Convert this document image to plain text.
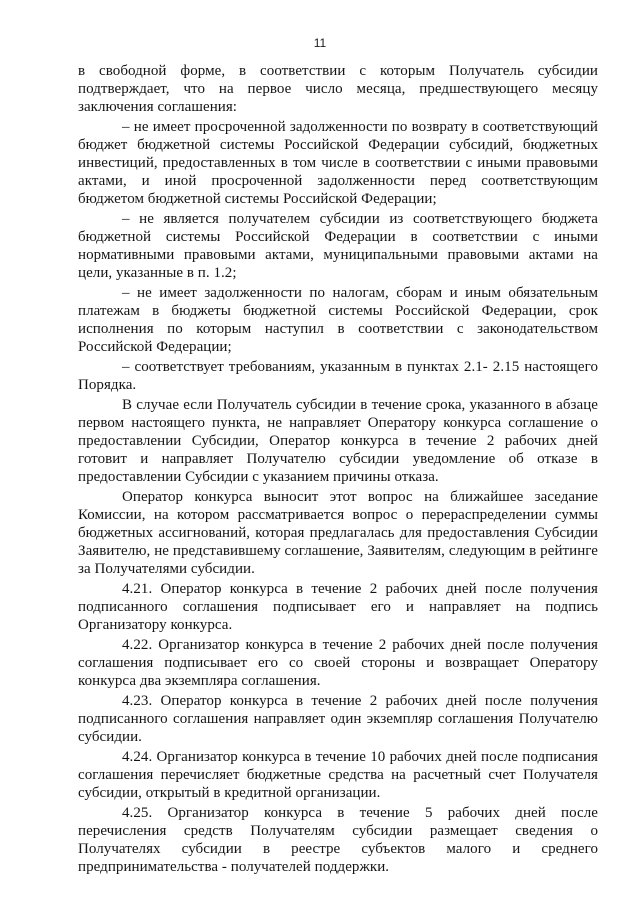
11

в свободной форме, в соответствии с которым Получатель субсидии подтверждает, что на первое число месяца, предшествующего месяцу заключения соглашения:

– не имеет просроченной задолженности по возврату в соответствующий бюджет бюджетной системы Российской Федерации субсидий, бюджетных инвестиций, предоставленных в том числе в соответствии с иными правовыми актами, и иной просроченной задолженности перед соответствующим бюджетом бюджетной системы Российской Федерации;

– не является получателем субсидии из соответствующего бюджета бюджетной системы Российской Федерации в соответствии с иными нормативными правовыми актами, муниципальными правовыми актами на цели, указанные в п. 1.2;

– не имеет задолженности по налогам, сборам и иным обязательным платежам в бюджеты бюджетной системы Российской Федерации, срок исполнения по которым наступил в соответствии с законодательством Российской Федерации;

– соответствует требованиям, указанным в пунктах 2.1- 2.15 настоящего Порядка.

В случае если Получатель субсидии в течение срока, указанного в абзаце первом настоящего пункта, не направляет Оператору конкурса соглашение о предоставлении Субсидии, Оператор конкурса в течение 2 рабочих дней готовит и направляет Получателю субсидии уведомление об отказе в предоставлении Субсидии с указанием причины отказа.

Оператор конкурса выносит этот вопрос на ближайшее заседание Комиссии, на котором рассматривается вопрос о перераспределении суммы бюджетных ассигнований, которая предлагалась для предоставления Субсидии Заявителю, не представившему соглашение, Заявителям, следующим в рейтинге за Получателями субсидии.

4.21. Оператор конкурса в течение 2 рабочих дней после получения подписанного соглашения подписывает его и направляет на подпись Организатору конкурса.

4.22. Организатор конкурса в течение 2 рабочих дней после получения соглашения подписывает его со своей стороны и возвращает Оператору конкурса два экземпляра соглашения.

4.23. Оператор конкурса в течение 2 рабочих дней после получения подписанного соглашения направляет один экземпляр соглашения Получателю субсидии.

4.24. Организатор конкурса в течение 10 рабочих дней после подписания соглашения перечисляет бюджетные средства на расчетный счет Получателя субсидии, открытый в кредитной организации.

4.25. Организатор конкурса в течение 5 рабочих дней после перечисления средств Получателям субсидии размещает сведения о Получателях субсидии в реестре субъектов малого и среднего предпринимательства - получателей поддержки.
